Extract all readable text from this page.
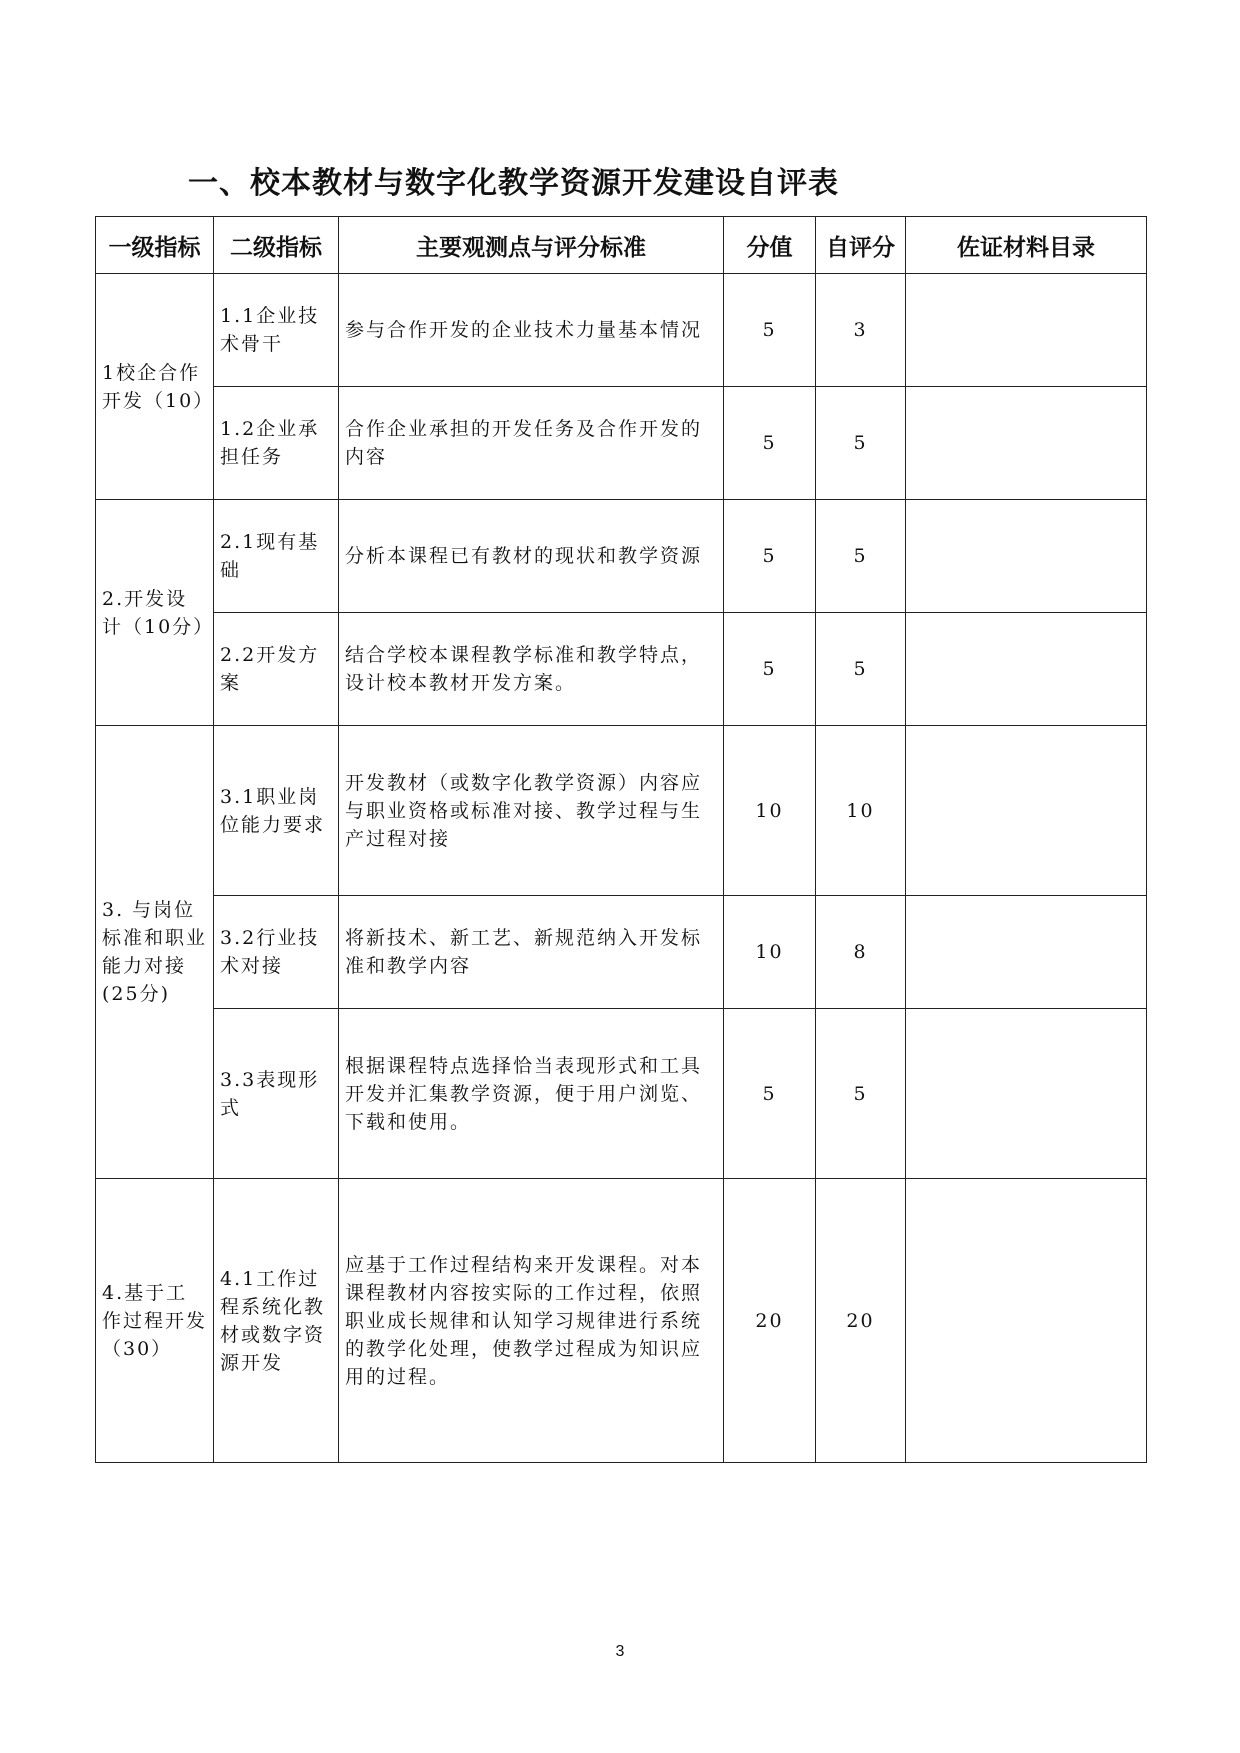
一、校本教材与数字化教学资源开发建设自评表
一级指标	二级指标	主要观测点与评分标准	分值	自评分	佐证材料目录
1校企合作开发（10）	1.1企业技术骨干	参与合作开发的企业技术力量基本情况	5	3	
	1.2企业承担任务	合作企业承担的开发任务及合作开发的内容	5	5	
2.开发设计（10分）	2.1现有基础	分析本课程已有教材的现状和教学资源	5	5	
	2.2开发方案	结合学校本课程教学标准和教学特点，设计校本教材开发方案。	5	5	
3. 与岗位标准和职业能力对接(25分)	3.1职业岗位能力要求	开发教材（或数字化教学资源）内容应与职业资格或标准对接、教学过程与生产过程对接	10	10	
	3.2行业技术对接	将新技术、新工艺、新规范纳入开发标准和教学内容	10	8	
	3.3表现形式	根据课程特点选择恰当表现形式和工具开发并汇集教学资源，便于用户浏览、下载和使用。	5	5	
4.基于工作过程开发（30）	4.1工作过程系统化教材或数字资源开发	应基于工作过程结构来开发课程。对本课程教材内容按实际的工作过程，依照职业成长规律和认知学习规律进行系统的教学化处理，使教学过程成为知识应用的过程。	20	20	
3
